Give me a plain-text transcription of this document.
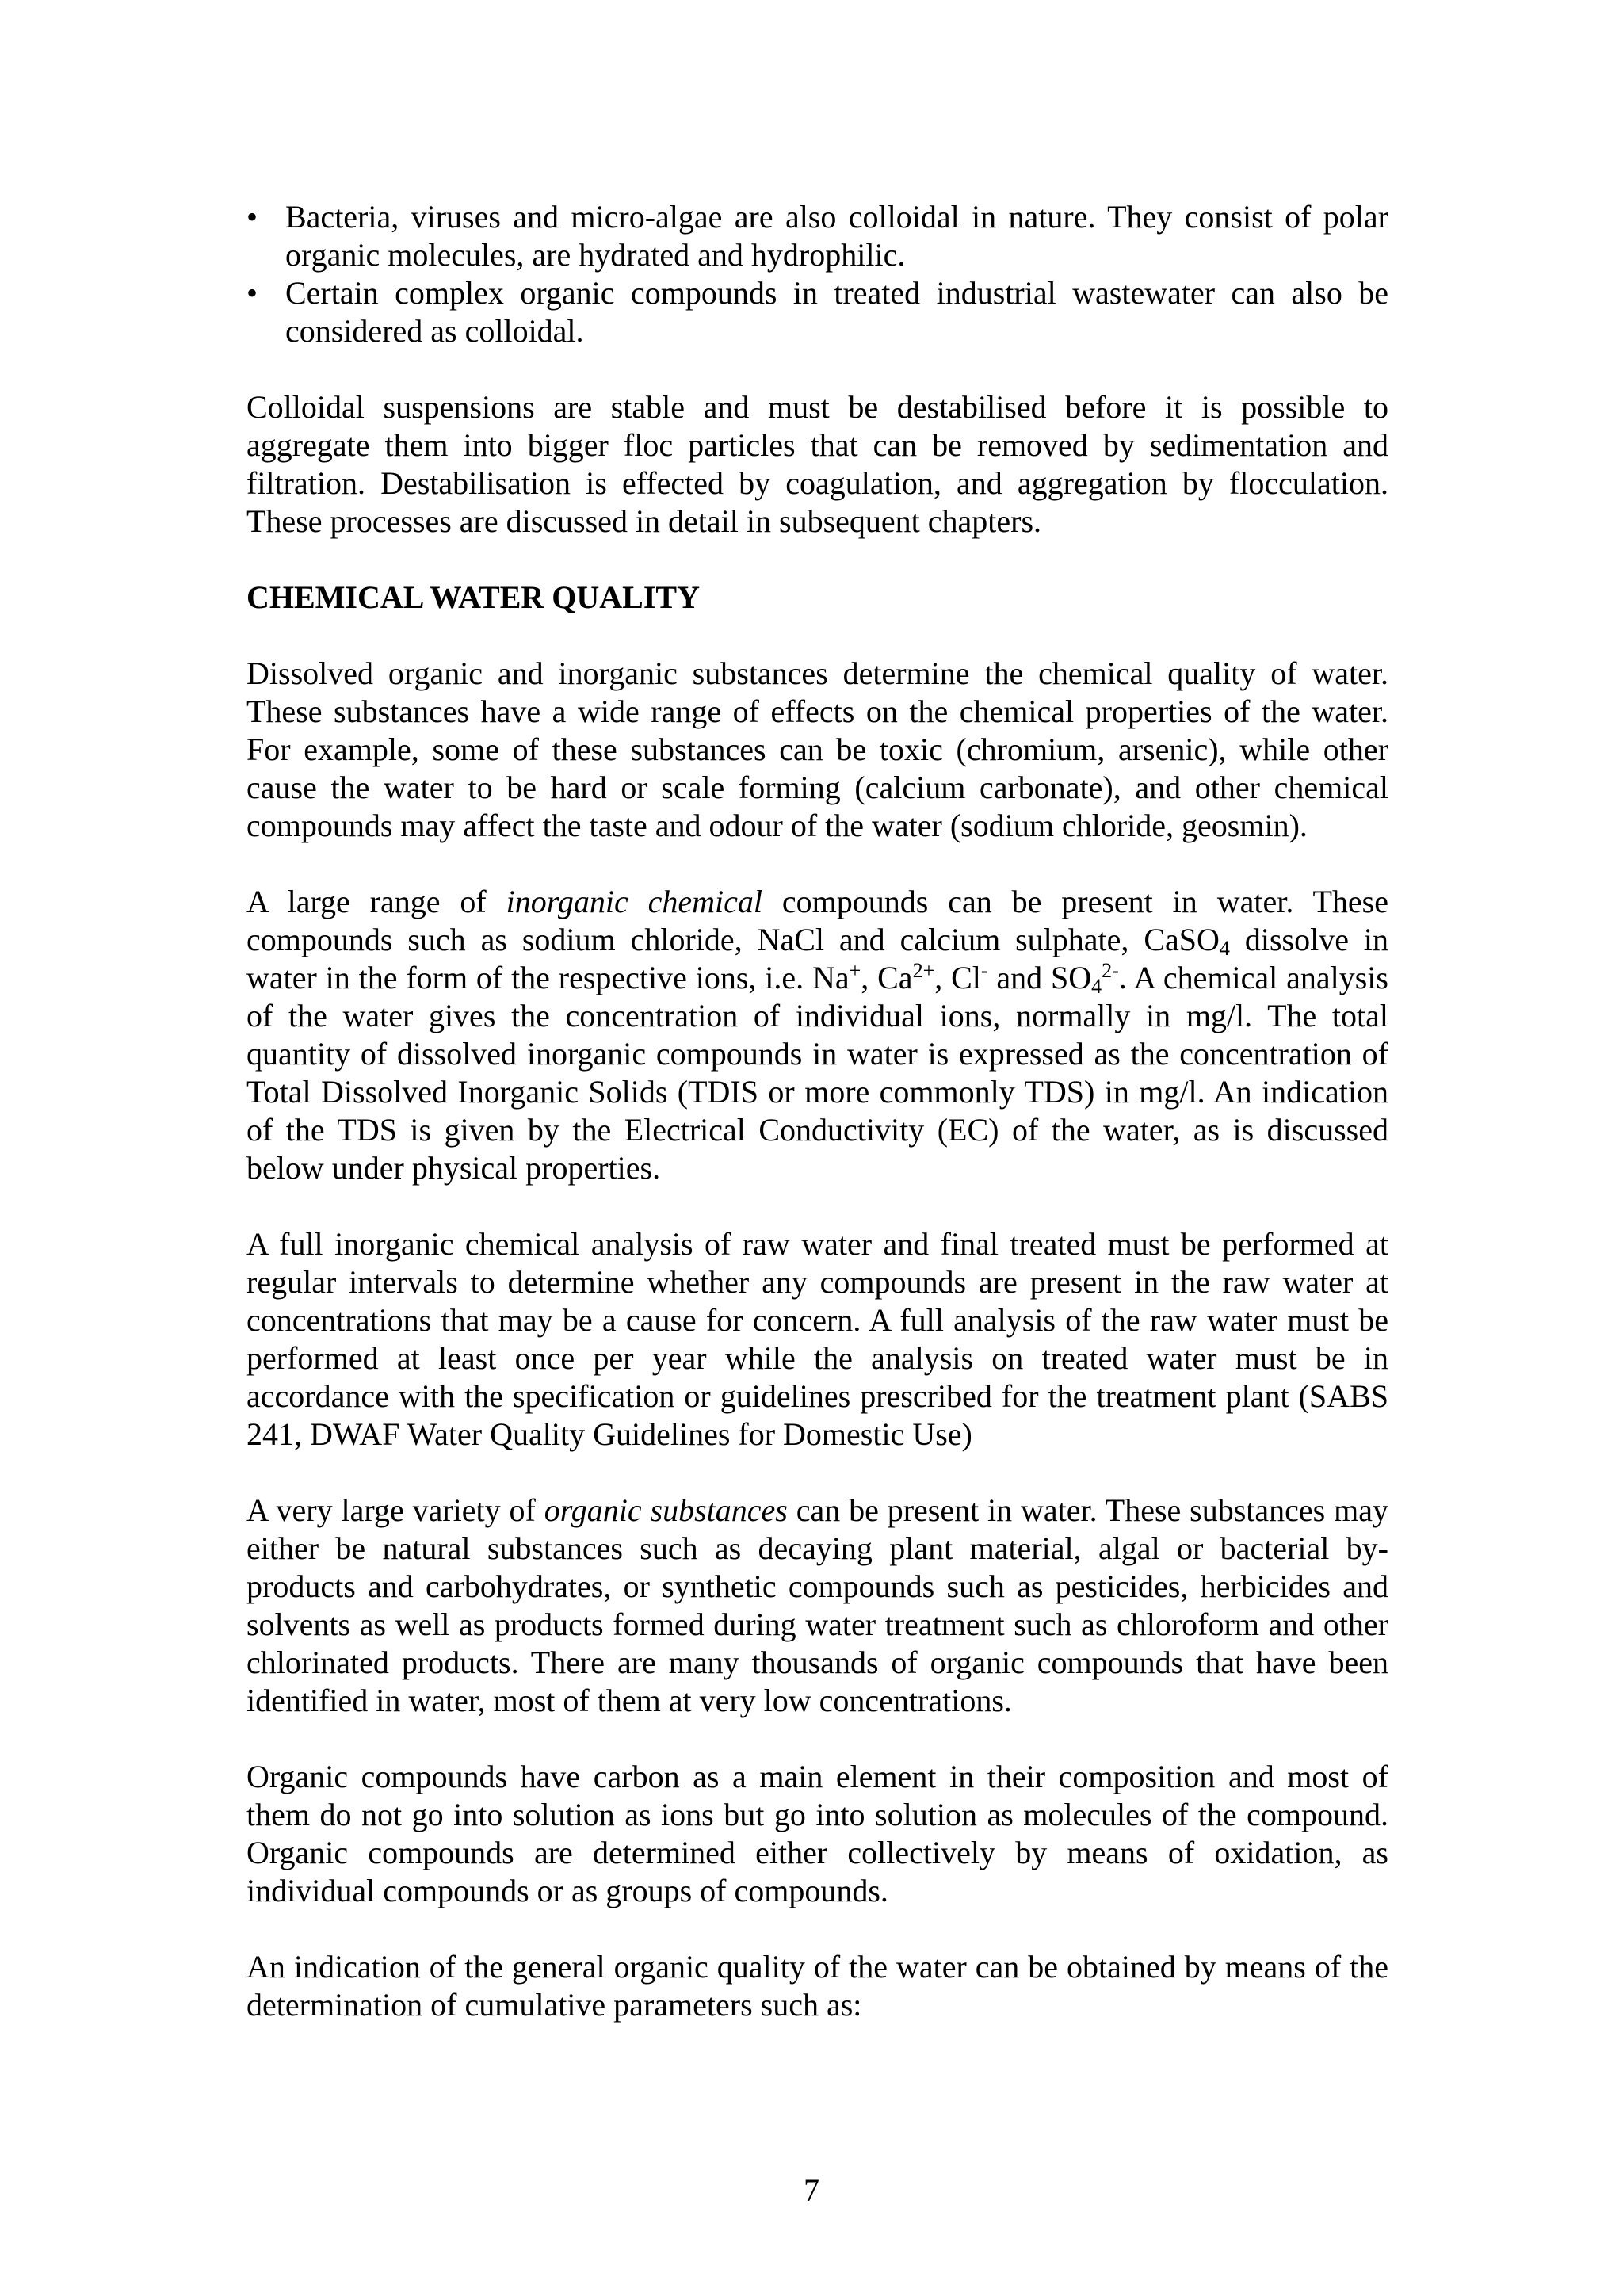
• Bacteria, viruses and micro-algae are also colloidal in nature. They consist of polar organic molecules, are hydrated and hydrophilic.
• Certain complex organic compounds in treated industrial wastewater can also be considered as colloidal.

Colloidal suspensions are stable and must be destabilised before it is possible to aggregate them into bigger floc particles that can be removed by sedimentation and filtration. Destabilisation is effected by coagulation, and aggregation by flocculation. These processes are discussed in detail in subsequent chapters.

CHEMICAL WATER QUALITY

Dissolved organic and inorganic substances determine the chemical quality of water. These substances have a wide range of effects on the chemical properties of the water. For example, some of these substances can be toxic (chromium, arsenic), while other cause the water to be hard or scale forming (calcium carbonate), and other chemical compounds may affect the taste and odour of the water (sodium chloride, geosmin).

A large range of inorganic chemical compounds can be present in water. These compounds such as sodium chloride, NaCl and calcium sulphate, CaSO$_4$ dissolve in water in the form of the respective ions, i.e. Na+, $Ca^{2+}$, Cl- and $SO_4^{2-}$. A chemical analysis of the water gives the concentration of individual ions, normally in mg/l. The total quantity of dissolved inorganic compounds in water is expressed as the concentration of Total Dissolved Inorganic Solids (TDIS or more commonly TDS) in mg/l. An indication of the TDS is given by the Electrical Conductivity (EC) of the water, as is discussed below under physical properties.

A full inorganic chemical analysis of raw water and final treated must be performed at regular intervals to determine whether any compounds are present in the raw water at concentrations that may be a cause for concern. A full analysis of the raw water must be performed at least once per year while the analysis on treated water must be in accordance with the specification or guidelines prescribed for the treatment plant (SABS 241, DWAF Water Quality Guidelines for Domestic Use)

A very large variety of organic substances can be present in water. These substances may either be natural substances such as decaying plant material, algal or bacterial by-products and carbohydrates, or synthetic compounds such as pesticides, herbicides and solvents as well as products formed during water treatment such as chloroform and other chlorinated products. There are many thousands of organic compounds that have been identified in water, most of them at very low concentrations.

Organic compounds have carbon as a main element in their composition and most of them do not go into solution as ions but go into solution as molecules of the compound. Organic compounds are determined either collectively by means of oxidation, as individual compounds or as groups of compounds.

An indication of the general organic quality of the water can be obtained by means of the determination of cumulative parameters such as:

7
